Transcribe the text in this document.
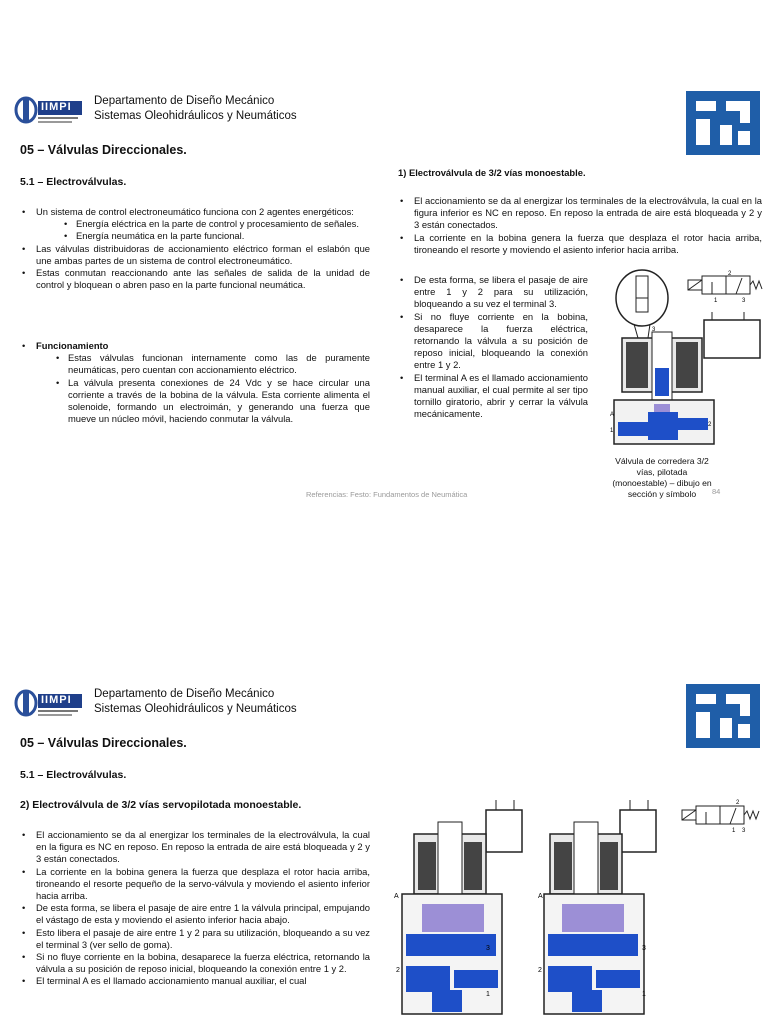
IIMPI Departamento de Diseño Mecánico
Sistemas Oleohidráulicos y Neumáticos
05 – Válvulas Direccionales.
5.1 – Electroválvulas.
• Un sistema de control electroneumático funciona con 2 agentes energéticos:
• Energía eléctrica en la parte de control y procesamiento de señales.
• Energía neumática en la parte funcional.
• Las válvulas distribuidoras de accionamiento eléctrico forman el eslabón que une ambas partes de un sistema de control electroneumático.
• Estas conmutan reaccionando ante las señales de salida de la unidad de control y bloquean o abren paso en la parte funcional neumática.
• Funcionamiento
• Estas válvulas funcionan internamente como las de puramente neumáticas, pero cuentan con accionamiento eléctrico.
• La válvula presenta conexiones de 24 Vdc y se hace circular una corriente a través de la bobina de la válvula. Esta corriente alimenta el solenoide, formando un electroimán, y generando una fuerza que mueve un núcleo móvil, haciendo conmutar la válvula.
1) Electroválvula de 3/2 vías monoestable.
• El accionamiento se da al energizar los terminales de la electroválvula, la cual en la figura inferior es NC en reposo. En reposo la entrada de aire está bloqueada y 2 y 3 están conectados.
• La corriente en la bobina genera la fuerza que desplaza el rotor hacia arriba, tironeando el resorte y moviendo el asiento inferior hacia arriba.
• De esta forma, se libera el pasaje de aire entre 1 y 2 para su utilización, bloqueando a su vez el terminal 3.
• Si no fluye corriente en la bobina, desaparece la fuerza eléctrica, retornando la válvula a su posición de reposo inicial, bloqueando la conexión entre 1 y 2.
• El terminal A es el llamado accionamiento manual auxiliar, el cual permite al ser tipo tornillo giratorio, abrir y cerrar la válvula mecánicamente.	A
1
2
3
1
2
3
Válvula de corredera 3/2 vías, pilotada (monoestable) – dibujo en sección y símbolo
Referencias: Festo: Fundamentos de Neumática	84
IIMPI Departamento de Diseño Mecánico
Sistemas Oleohidráulicos y Neumáticos
05 – Válvulas Direccionales.
5.1 – Electroválvulas.
2) Electroválvula de 3/2 vías servopilotada monoestable.
• El accionamiento se da al energizar los terminales de la electroválvula, la cual en la figura es NC en reposo. En reposo la entrada de aire está bloqueada y 2 y 3 están conectados.
• La corriente en la bobina genera la fuerza que desplaza el rotor hacia arriba, tironeando el resorte pequeño de la servo-válvula y moviendo el asiento inferior hacia arriba.
• De esta forma, se libera el pasaje de aire entre 1 la válvula principal, empujando el vástago de esta y moviendo el asiento inferior hacia abajo.
• Esto libera el pasaje de aire entre 1 y 2 para su utilización, bloqueando a su vez el terminal 3 (ver sello de goma).
• Si no fluye corriente en la bobina, desaparece la fuerza eléctrica, retornando la válvula a su posición de reposo inicial, bloqueando la conexión entre 1 y 2.
• El terminal A es el llamado accionamiento manual auxiliar, el cual
A
2
3
1
A
2
3
1
2
1 3
